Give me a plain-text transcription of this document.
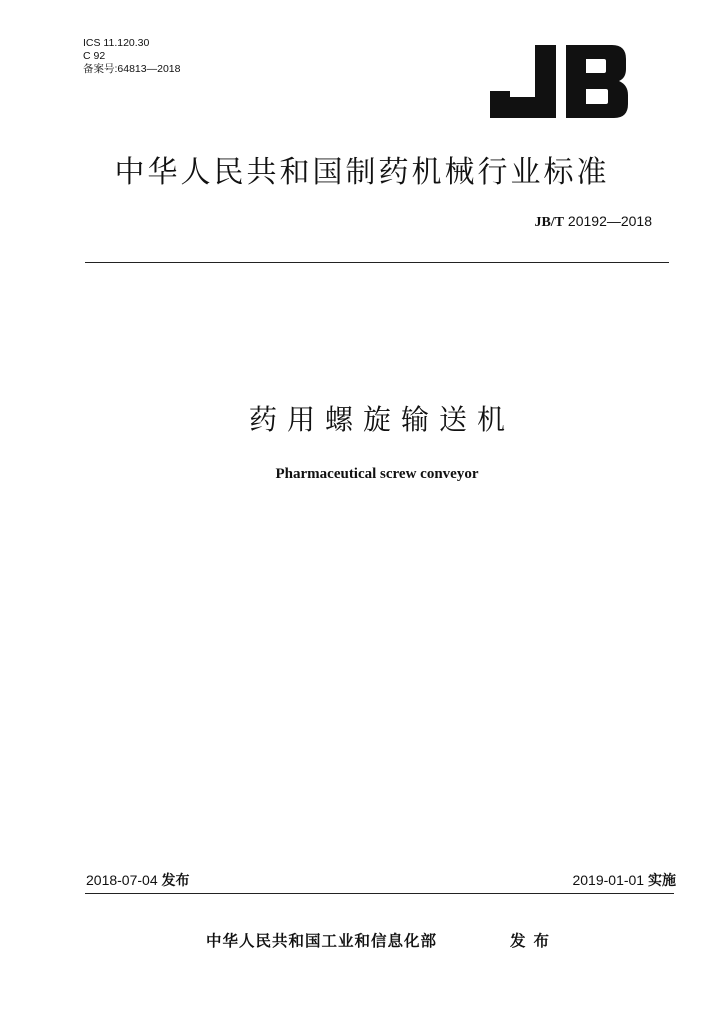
ICS 11.120.30
C 92
备案号:64813—2018
中华人民共和国制药机械行业标准
JB/T 20192—2018
药用螺旋输送机
Pharmaceutical screw conveyor
2018-07-04 发布	2019-01-01 实施
中华人民共和国工业和信息化部	发布
